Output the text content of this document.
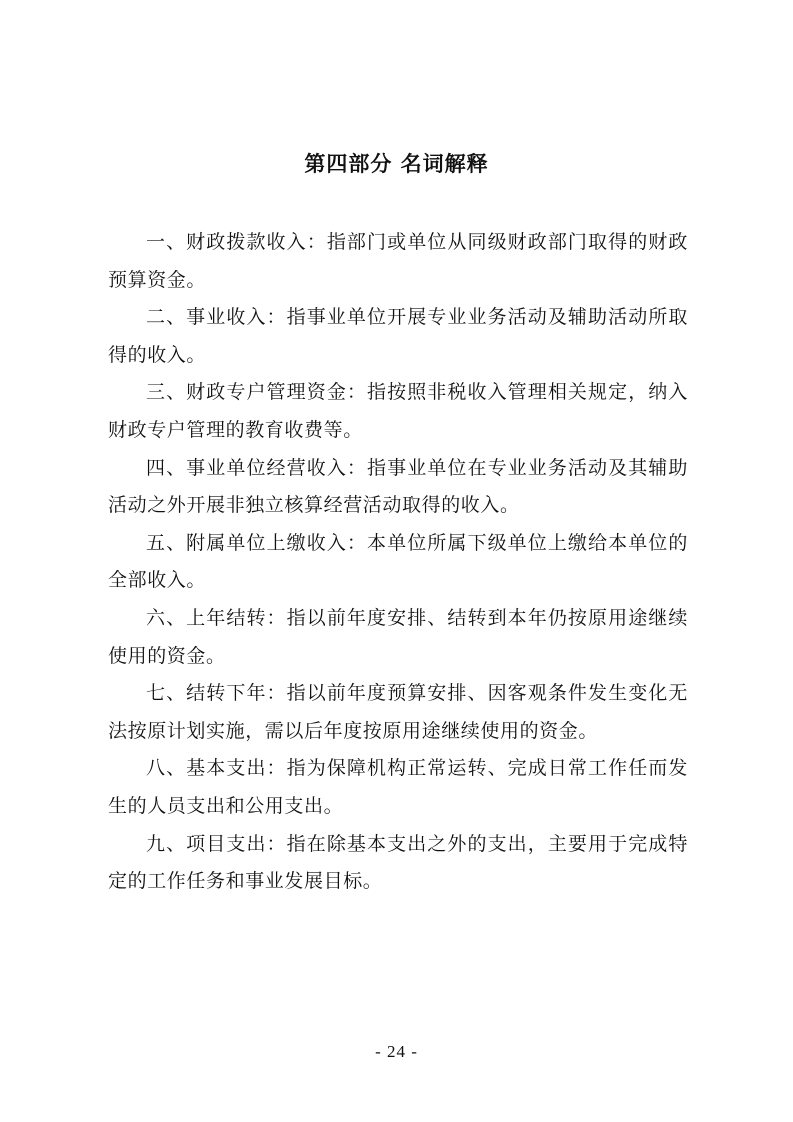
第四部分 名词解释

一、财政拨款收入：指部门或单位从同级财政部门取得的财政预算资金。

二、事业收入：指事业单位开展专业业务活动及辅助活动所取得的收入。

三、财政专户管理资金：指按照非税收入管理相关规定，纳入财政专户管理的教育收费等。

四、事业单位经营收入：指事业单位在专业业务活动及其辅助活动之外开展非独立核算经营活动取得的收入。

五、附属单位上缴收入：本单位所属下级单位上缴给本单位的全部收入。

六、上年结转：指以前年度安排、结转到本年仍按原用途继续使用的资金。

七、结转下年：指以前年度预算安排、因客观条件发生变化无法按原计划实施，需以后年度按原用途继续使用的资金。

八、基本支出：指为保障机构正常运转、完成日常工作任而发生的人员支出和公用支出。

九、项目支出：指在除基本支出之外的支出，主要用于完成特定的工作任务和事业发展目标。

- 24 -
